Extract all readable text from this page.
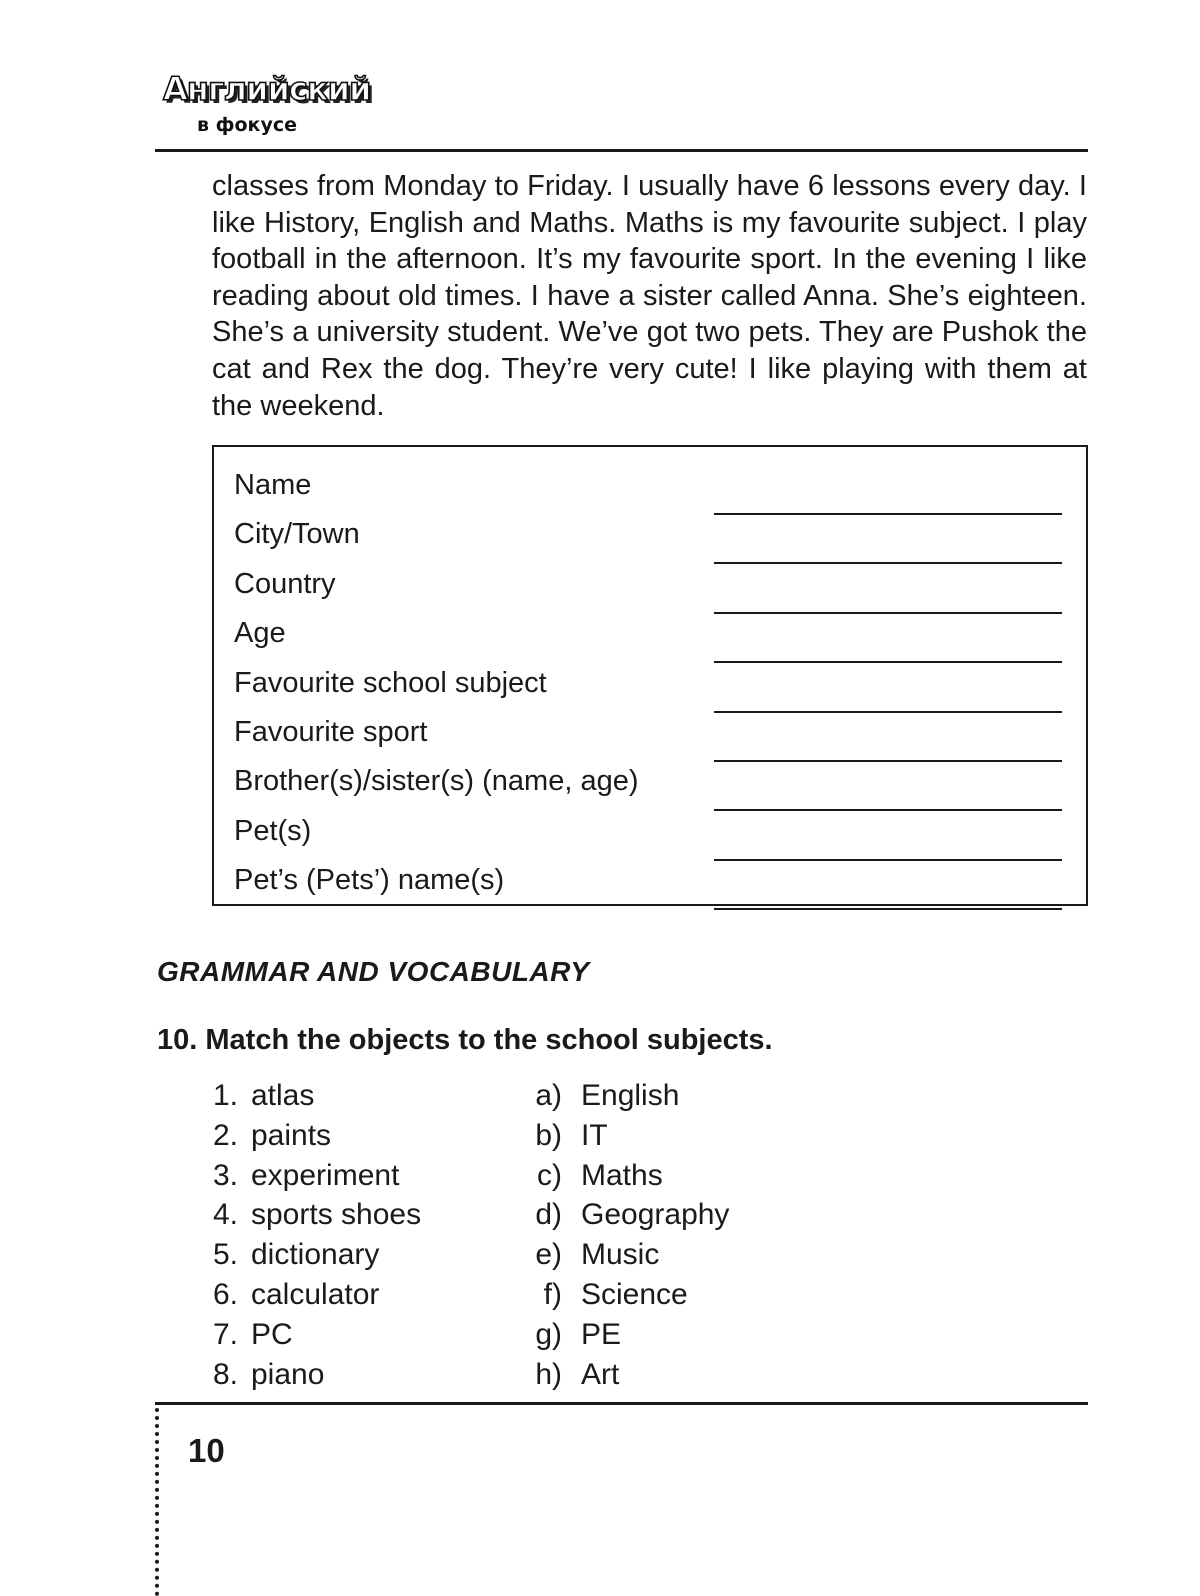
Английский
в фокусе

classes from Monday to Friday. I usually have 6 lessons every day. I like History, English and Maths. Maths is my favourite subject. I play football in the afternoon. It’s my favourite sport. In the evening I like reading about old times. I have a sister called Anna. She’s eighteen. She’s a university student. We’ve got two pets. They are Pushok the cat and Rex the dog. They’re very cute! I like playing with them at the weekend.

Name
City/Town
Country
Age
Favourite school subject
Favourite sport
Brother(s)/sister(s) (name, age)
Pet(s)
Pet’s (Pets’) name(s)
GRAMMAR AND VOCABULARY
10. Match the objects to the school subjects.
1. atlas
2. paints
3. experiment
4. sports shoes
5. dictionary
6. calculator
7. PC
8. piano
a) English
b) IT
c) Maths
d) Geography
e) Music
f) Science
g) PE
h) Art
10
